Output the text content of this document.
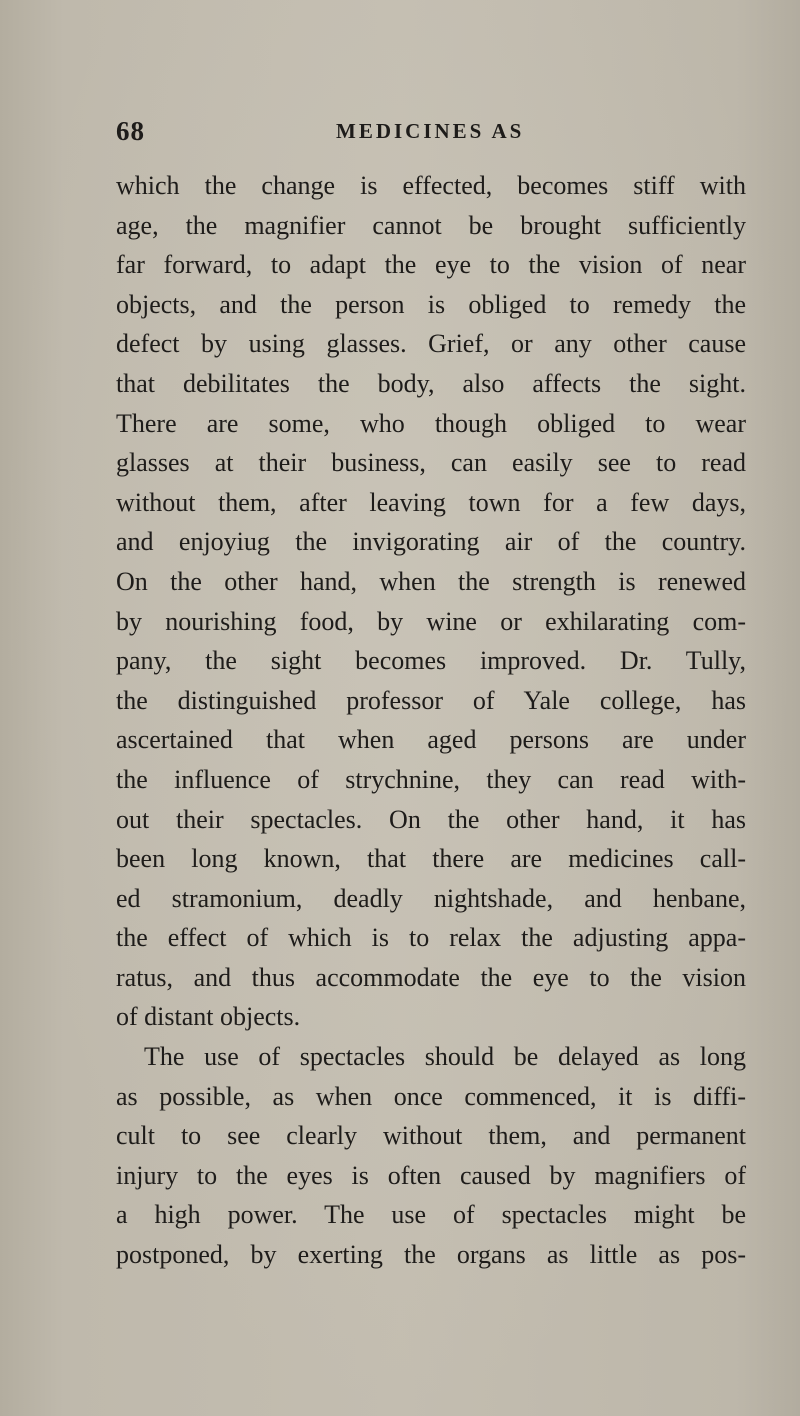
68	MEDICINES AS
which the change is effected, becomes stiff with
age, the magnifier cannot be brought sufficiently
far forward, to adapt the eye to the vision of near
objects, and the person is obliged to remedy the
defect by using glasses. Grief, or any other cause
that debilitates the body, also affects the sight.
There are some, who though obliged to wear
glasses at their business, can easily see to read
without them, after leaving town for a few days,
and enjoyiug the invigorating air of the country.
On the other hand, when the strength is renewed
by nourishing food, by wine or exhilarating com-
pany, the sight becomes improved. Dr. Tully,
the distinguished professor of Yale college, has
ascertained that when aged persons are under
the influence of strychnine, they can read with-
out their spectacles. On the other hand, it has
been long known, that there are medicines call-
ed stramonium, deadly nightshade, and henbane,
the effect of which is to relax the adjusting appa-
ratus, and thus accommodate the eye to the vision
of distant objects.
The use of spectacles should be delayed as long
as possible, as when once commenced, it is diffi-
cult to see clearly without them, and permanent
injury to the eyes is often caused by magnifiers of
a high power. The use of spectacles might be
postponed, by exerting the organs as little as pos-
